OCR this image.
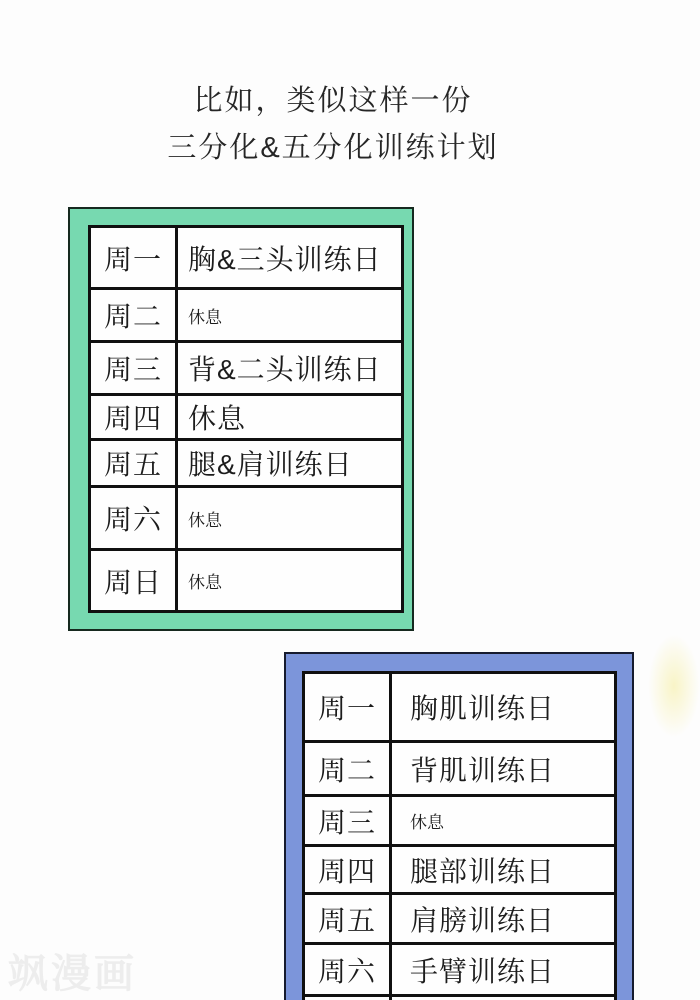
比如，类似这样一份
三分化&五分化训练计划
周一 胸&三头训练日
周二	休息
周三 背&二头训练日
周四 休息
周五 腿&肩训练日
周六	休息
周日	休息
周一	胸肌训练日
周二	背肌训练日
周三	休息
周四	腿部训练日
周五	肩膀训练日
周六	手臂训练日
飒漫画
